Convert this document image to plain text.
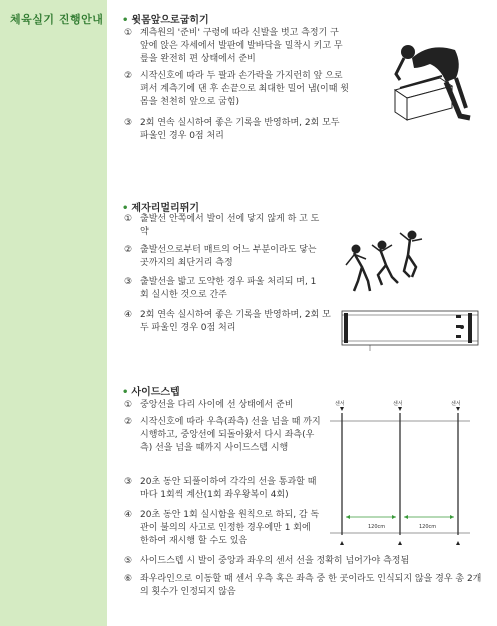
체육실기 진행안내 • 윗몸앞으로굽히기
① 계측원의 '준비' 구령에 따라 신발을 벗고 측정기 구 앞에 앉은 자세에서 발판에 발바닥을 밀착시 키고 무릎을 완전히 편 상태에서 준비
② 시작신호에 따라 두 팔과 손가락을 가지런히 앞 으로 펴서 계측기에 댄 후 손끝으로 최대한 밀어 냄(이때 윗몸을 천천히 앞으로 굽힘)
③ 2회 연속 실시하여 좋은 기록을 반영하며, 2회 모두 파울인 경우 0점 처리
• 제자리멀리뛰기
① 출발선 안쪽에서 발이 선에 닿지 않게 하 고 도약
② 출발선으로부터 매트의 어느 부분이라도 닿는 곳까지의 최단거리 측정
③ 출발선을 밟고 도약한 경우 파울 처리되 며, 1회 실시한 것으로 간주
④ 2회 연속 실시하여 좋은 기록을 반영하며, 2회 모두 파울인 경우 0점 처리
• 사이드스텝
① 중앙선을 다리 사이에 선 상태에서 준비
② 시작신호에 따라 우측(좌측) 선을 넘을 때 까지 시행하고, 중앙선에 되돌아왔서 다시 좌측(우측) 선을 넘을 때까지 사이드스텝 시행
③ 20초 동안 되풀이하여 각각의 선을 통과할 때마다 1회씩 계산(1회 좌우왕복이 4회)
④ 20초 동안 1회 실시함을 원칙으로 하되, 감 독관이 불의의 사고로 인정한 경우에만 1 회에 한하여 재시행 할 수도 있음
⑤ 사이드스텝 시 발이 중앙과 좌우의 센서 선을 정확히 넘어가야 측정됨
⑥ 좌우라인으로 이동할 때 센서 우측 혹은 좌측 중 한 곳이라도 인식되지 않을 경우 총 2개의 횟수가 인정되지 않음
센서	센서	센서
120cm	120cm
